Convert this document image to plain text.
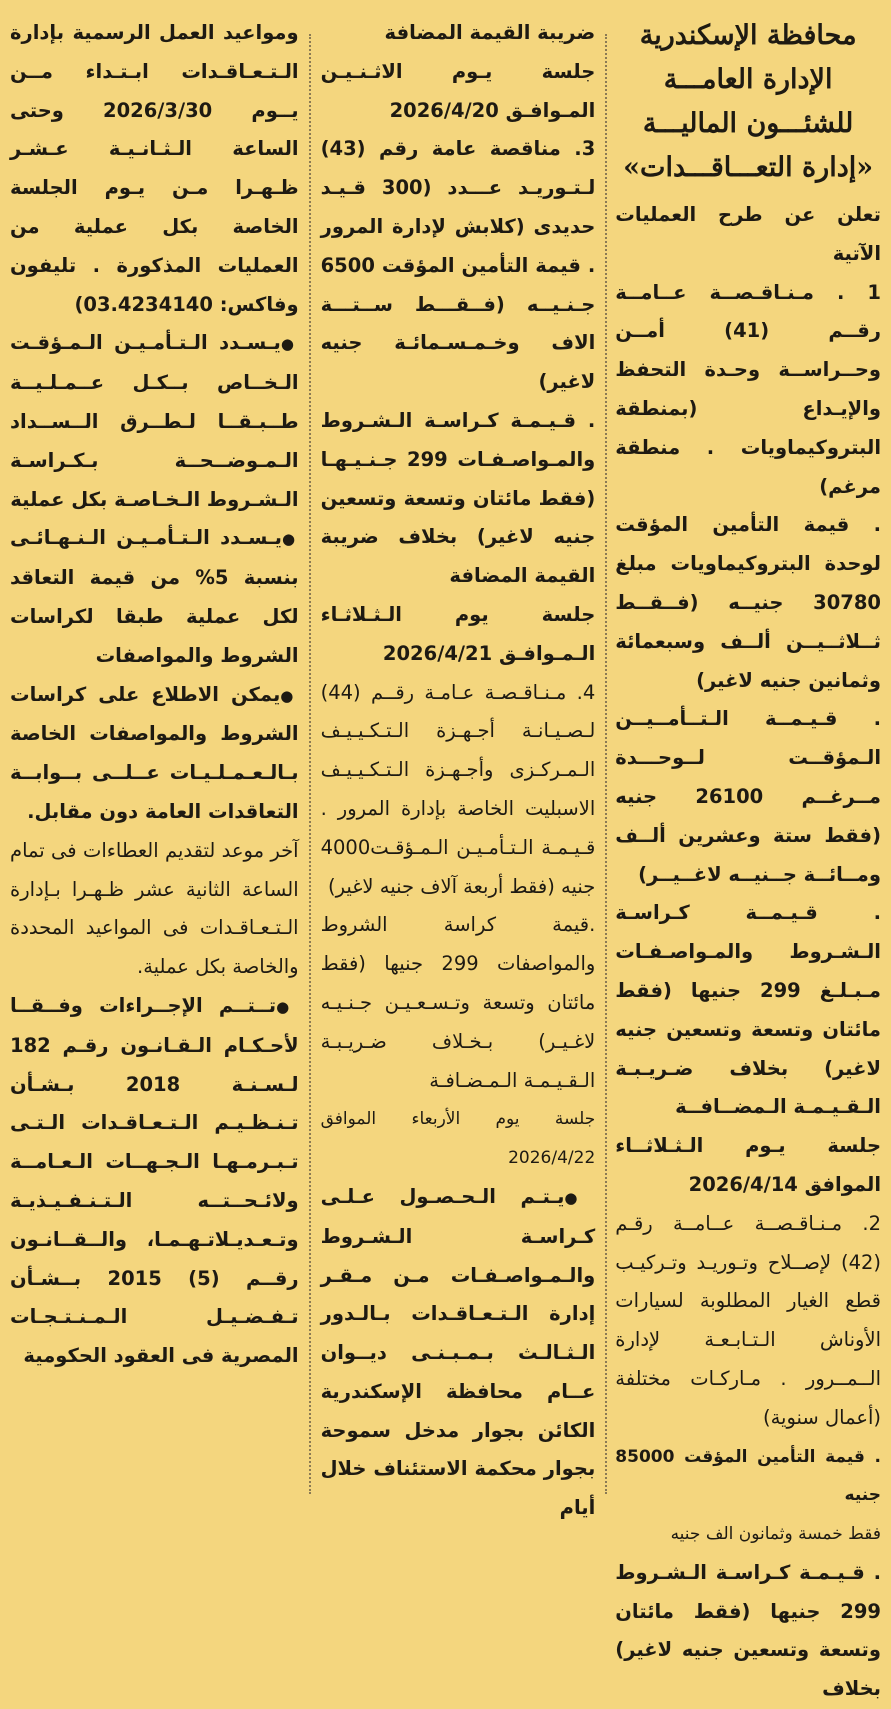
محافظة الإسكندرية
الإدارة العامـــة
للشئـــون الماليـــة
«إدارة التعـــاقـــدات»

تعلن عن طرح العمليات الآتية

1 . مـنـاقـصــة عــامــة رقــم (41) أمــن وحــراســة وحـدة التحفظ والإيـداع (بمنطقة البتروكيماويات . منطقة مرغم)

. قيمة التأمين المؤقت لوحدة البتروكيماويات مبلغ 30780 جنيــه (فــقــط ثــلاثــيــن ألــف وسبعمائة وثمانين جنيه لاغير)

. قـيـمــة الـتــأمــيــن الـمؤقــت لــوحـــدة مــرغــم 26100 جنيه (فقط ستة وعشرين ألــف ومــائــة جــنيــه لاغــيــر)

. قـيـمــة كـراسـة الـشـروط والمـواصـفـات مـبـلـغ 299 جنيها (فقط مائتان وتسعة وتسعين جنيه لاغير) بخلاف ضـريـبـة الـقـيـمـة الـمضــافــة

جلسة يـوم الـثـلاثــاء الموافق 2026/4/14

2. مـنـاقـصــة عــامــة رقـم (42) لإصــلاح وتـوريـد وتـركيـب قطع الغيار المطلوبة لسيارات الأوناش الـتـابـعـة لإدارة الــمــرور . مـاركـات مختلفة (أعمال سنوية)

. قيمة التأمين المؤقت 85000 جنيه

فقط خمسة وثمانون الف جنيه

. قـيـمـة كـراسـة الـشـروط 299 جنيها (فقط مائتان وتسعة وتسعين جنيه لاغير) بخلاف

ضريبة القيمة المضافة

جلسة يـوم الاثـنـيـن المـوافـق 2026/4/20

3. مناقصة عامة رقم (43) لـتـوريـد عـــدد (300 قـيـد حديدى (كلابش لإدارة المرور . قيمة التأمين المؤقت 6500 جـنـيــه (فــقـــط ســتـــة الاف وخـمـسـمائـة جنيه لاغير)

. قـيـمـة كـراسـة الـشـروط والمـواصـفـات 299 جـنـيـهـا (فقط مائتان وتسعة وتسعين جنيه لاغير) بخلاف ضريبة القيمة المضافة

جلسة يوم الـثـلاثـاء الـمـوافـق 2026/4/21

4. مـنـاقـصـة عـامـة رقــم (44) لـصـيـانـة أجـهـزة الـتـكـيـيـف الـمـركـزى وأجـهـزة الـتـكـيـيـف الاسبليت الخاصة بإدارة المرور . قـيـمـة الـتـأمـيـن الـمـؤقـت4000 جنيه (فقط أربعة آلاف جنيه لاغير)

.قيمة كراسة الشروط والمواصفات 299 جنيها (فقط مائتان وتسعة وتـسـعـيـن جـنـيـه لاغـيـر) بـخـلاف ضـريـبـة الـقـيـمـة الـمـضـافـة

جلسة يوم الأربعاء الموافق 2026/4/22

● يـتـم الـحـصـول عـلـى كـراسـة الـشـروط والـمـواصـفـات مـن مـقـر إدارة الـتـعـاقـدات بـالـدور الـثـالـث بـمـبـنـى ديــوان عــام محافظة الإسكندرية الكائن بجوار مدخل سموحة بجوار محكمة الاستئناف خلال أيام

ومواعيد العمل الرسمية بإدارة الـتـعـاقـدات ابـتـداء مــن يــوم 2026/3/30 وحتى الساعة الـثـانـيـة عـشـر ظـهـرا مـن يـوم الجلسة الخاصة بكل عملية من العمليات المذكورة . تليفون وفاكس: 03.4234140)

● يـسـدد الـتـأمـيـن الـمـؤقـت الـخــاص بــكـل عــمـلـيــة طــبـقــا لـطــرق الــســداد الـمـوضــحــة بـكـراسـة الـشـروط الـخـاصـة بكل عملية

● يـسـدد الـتـأمـيـن الـنـهـائـى بنسبة 5% من قيمة التعاقد لكل عملية طبقا لكراسات الشروط والمواصفات

● يمكن الاطلاع على كراسات الشروط والمواصفات الخاصة بـالـعـمـلـيـات عــلــى بــوابــة التعاقدات العامة دون مقابل.

آخر موعد لتقديم العطاءات فى تمام الساعة الثانية عشر ظـهـرا بـإدارة الـتـعـاقـدات فى المواعيد المحددة والخاصة بكل عملية.

● تــتــم الإجــراءات وفــقــا لأحـكـام الـقـانـون رقـم 182 لـسـنـة 2018 بـشـأن تـنـظـيـم الـتـعـاقـدات الـتـى تـبـرمـهـا الـجـهــات الـعـامــة ولائـحــتــه الـتـنـفـيـذيـة وتـعـديـلاتـهـمـا، والــقــانـون رقــم (5) 2015 بــشـأن تـفـضـيـل الـمـنـتـجـات المصرية فى العقود الحكومية
